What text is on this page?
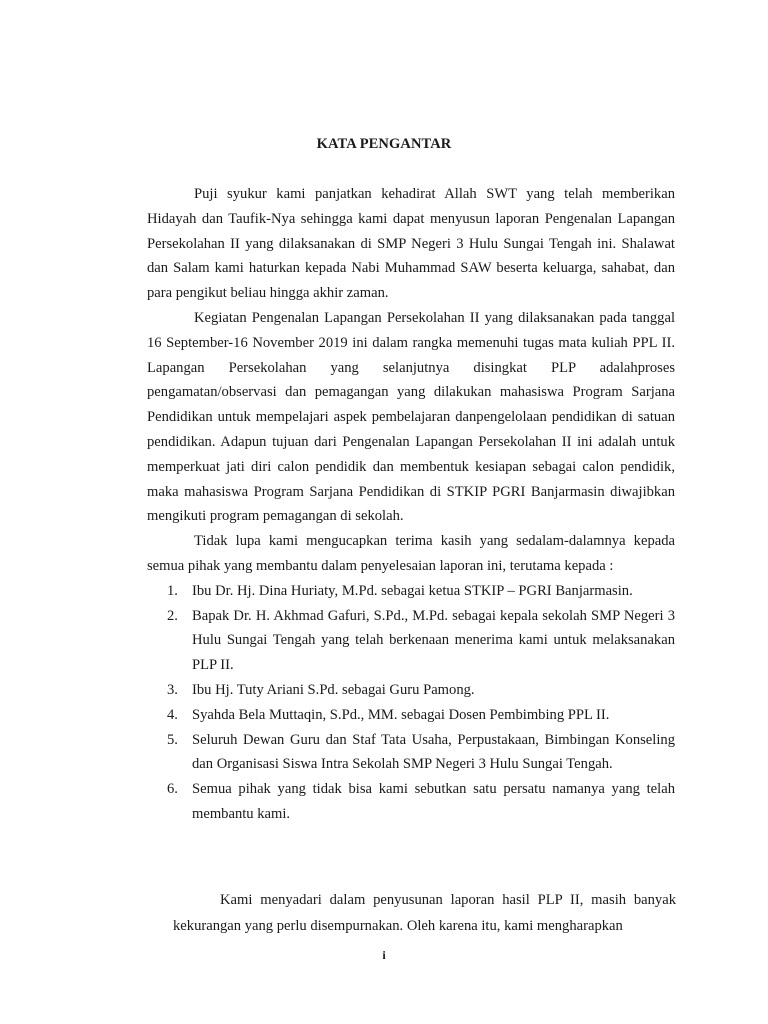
KATA PENGANTAR

Puji syukur kami panjatkan kehadirat Allah SWT yang telah memberikan Hidayah dan Taufik-Nya sehingga kami dapat menyusun laporan Pengenalan Lapangan Persekolahan II yang dilaksanakan di SMP Negeri 3 Hulu Sungai Tengah ini. Shalawat dan Salam kami haturkan kepada Nabi Muhammad SAW beserta keluarga, sahabat, dan para pengikut beliau hingga akhir zaman.

Kegiatan Pengenalan Lapangan Persekolahan II yang dilaksanakan pada tanggal 16 September-16 November 2019 ini dalam rangka memenuhi tugas mata kuliah PPL II. Lapangan Persekolahan yang selanjutnya disingkat PLP adalahproses pengamatan/observasi dan pemagangan yang dilakukan mahasiswa Program Sarjana Pendidikan untuk mempelajari aspek pembelajaran danpengelolaan pendidikan di satuan pendidikan. Adapun tujuan dari Pengenalan Lapangan Persekolahan II ini adalah untuk memperkuat jati diri calon pendidik dan membentuk kesiapan sebagai calon pendidik, maka mahasiswa Program Sarjana Pendidikan di STKIP PGRI Banjarmasin diwajibkan mengikuti program pemagangan di sekolah.

Tidak lupa kami mengucapkan terima kasih yang sedalam-dalamnya kepada semua pihak yang membantu dalam penyelesaian laporan ini, terutama kepada :

1. Ibu Dr. Hj. Dina Huriaty, M.Pd. sebagai ketua STKIP – PGRI Banjarmasin.
2. Bapak Dr. H. Akhmad Gafuri, S.Pd., M.Pd. sebagai kepala sekolah SMP Negeri 3 Hulu Sungai Tengah yang telah berkenaan menerima kami untuk melaksanakan PLP II.
3. Ibu Hj. Tuty Ariani S.Pd. sebagai Guru Pamong.
4. Syahda Bela Muttaqin, S.Pd., MM. sebagai Dosen Pembimbing PPL II.
5. Seluruh Dewan Guru dan Staf Tata Usaha, Perpustakaan, Bimbingan Konseling dan Organisasi Siswa Intra Sekolah SMP Negeri 3 Hulu Sungai Tengah.
6. Semua pihak yang tidak bisa kami sebutkan satu persatu namanya yang telah membantu kami.

Kami menyadari dalam penyusunan laporan hasil PLP II, masih banyak kekurangan yang perlu disempurnakan. Oleh karena itu, kami mengharapkan

i
